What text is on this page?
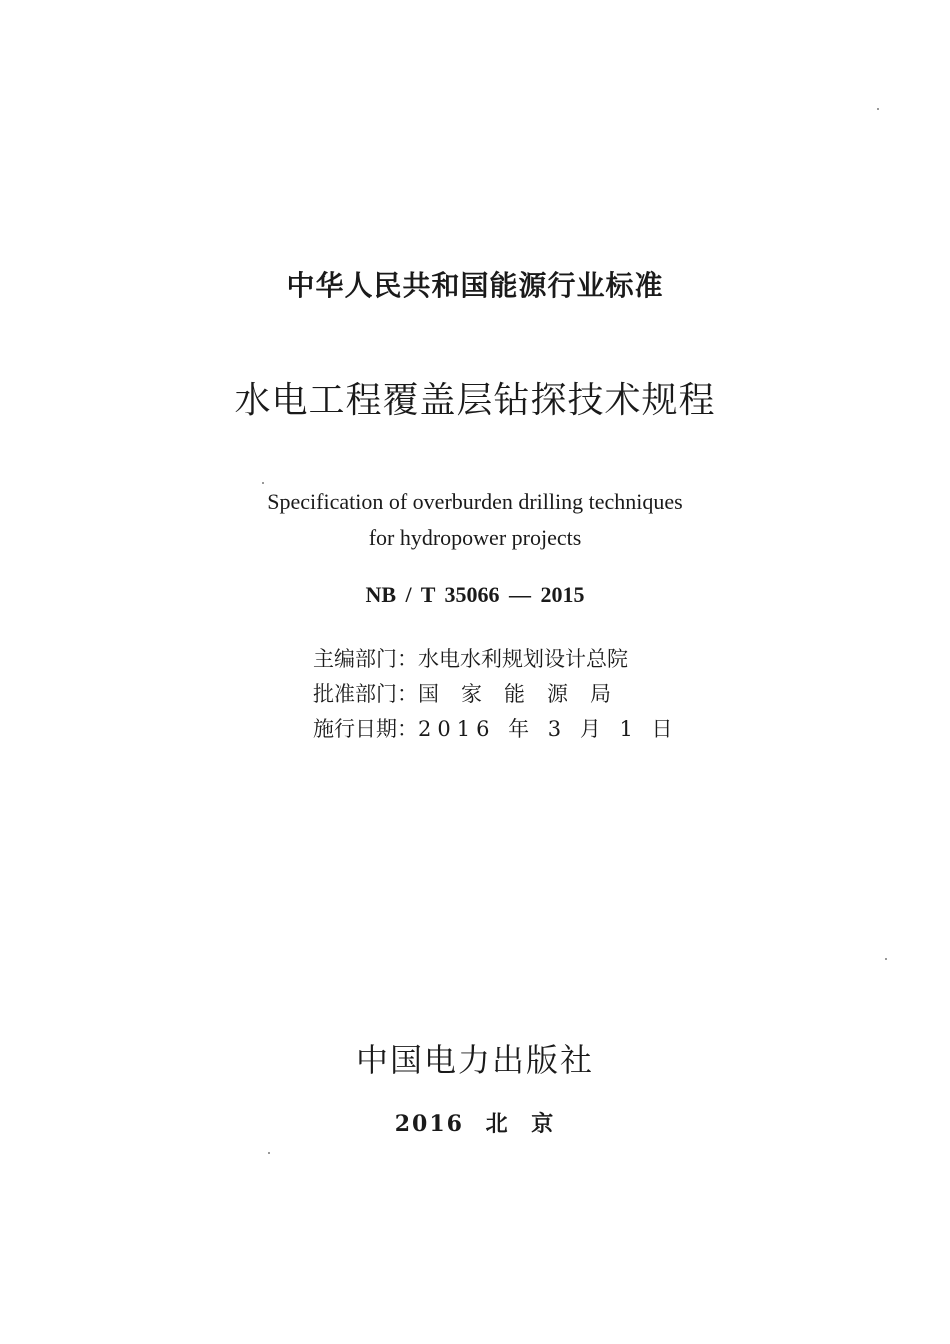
中华人民共和国能源行业标准
水电工程覆盖层钻探技术规程
Specification of overburden drilling techniques
for hydropower projects
NB / T 35066 — 2015
主编部门：水电水利规划设计总院
批准部门：国家能源局
施行日期：2016 年 3 月 1 日
中国电力出版社
2016 北 京
